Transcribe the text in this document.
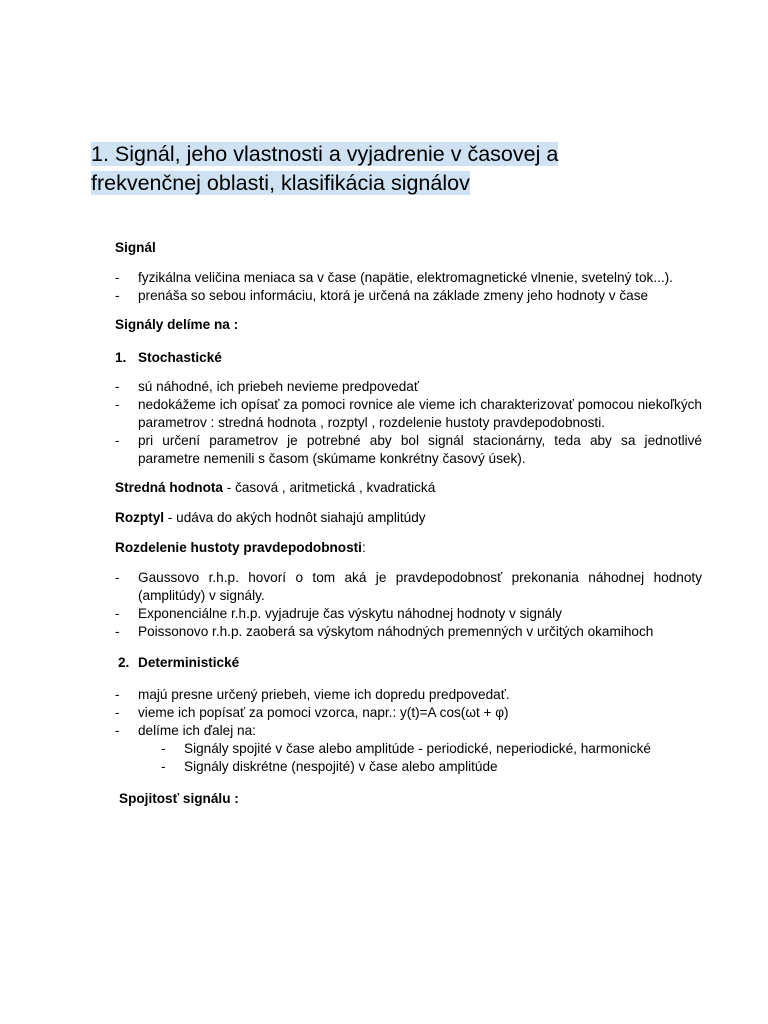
1. Signál, jeho vlastnosti a vyjadrenie v časovej a frekvenčnej oblasti, klasifikácia signálov

Signál

- fyzikálna veličina meniaca sa v čase (napätie, elektromagnetické vlnenie, svetelný tok...).
- prenáša so sebou informáciu, ktorá je určená na základe zmeny jeho hodnoty v čase

Signály delíme na :

1. Stochastické

- sú náhodné, ich priebeh nevieme predpovedať
- nedokážeme ich opísať za pomoci rovnice ale vieme ich charakterizovať pomocou niekoľkých parametrov : stredná hodnota , rozptyl , rozdelenie hustoty pravdepodobnosti.
- pri určení parametrov je potrebné aby bol signál stacionárny, teda aby sa jednotlivé parametre nemenili s časom (skúmame konkrétny časový úsek).

Stredná hodnota - časová , aritmetická , kvadratická

Rozptyl - udáva do akých hodnôt siahajú amplitúdy

Rozdelenie hustoty pravdepodobnosti:

- Gaussovo r.h.p. hovorí o tom aká je pravdepodobnosť prekonania náhodnej hodnoty (amplitúdy) v signály.
- Exponenciálne r.h.p. vyjadruje čas výskytu náhodnej hodnoty v signály
- Poissonovo r.h.p. zaoberá sa výskytom náhodných premenných v určitých okamihoch

2. Deterministické

- majú presne určený priebeh, vieme ich dopredu predpovedať.
- vieme ich popísať za pomoci vzorca, napr.: y(t)=A cos(ωt + φ)
- delíme ich ďalej na:
- Signály spojité v čase alebo amplitúde - periodické, neperiodické, harmonické
- Signály diskrétne (nespojité) v čase alebo amplitúde

Spojitosť signálu :
